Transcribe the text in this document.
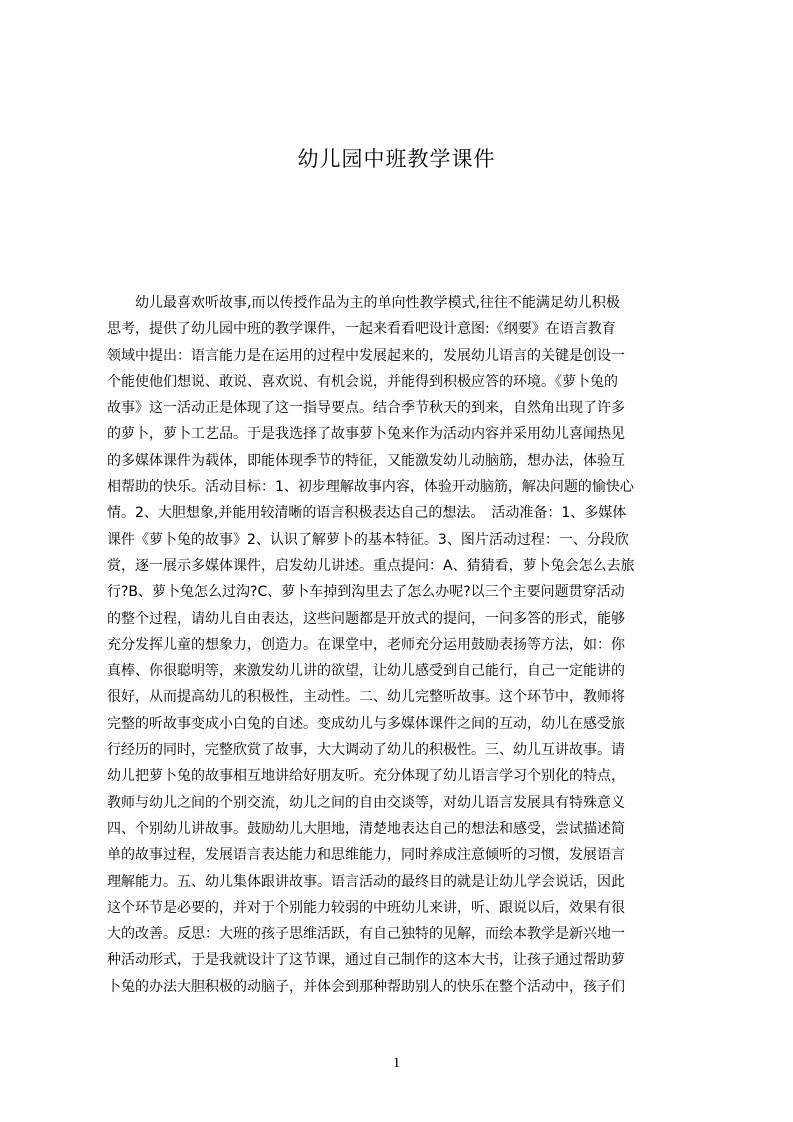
幼儿园中班教学课件
　　幼儿最喜欢听故事,而以传授作品为主的单向性教学模式,往往不能满足幼儿积极
思考，提供了幼儿园中班的教学课件，一起来看看吧设计意图:《纲要》在语言教育
领域中提出：语言能力是在运用的过程中发展起来的，发展幼儿语言的关键是创设一
个能使他们想说、敢说、喜欢说、有机会说，并能得到积极应答的环境。《萝卜兔的
故事》这一活动正是体现了这一指导要点。结合季节秋天的到来，自然角出现了许多
的萝卜，萝卜工艺品。于是我选择了故事萝卜兔来作为活动内容并采用幼儿喜闻热见
的多媒体课件为载体，即能体现季节的特征，又能激发幼儿动脑筋，想办法，体验互
相帮助的快乐。活动目标：1、初步理解故事内容，体验开动脑筋，解决问题的愉快心
情。2、大胆想象,并能用较清晰的语言积极表达自己的想法。　活动准备：1、多媒体
课件《萝卜兔的故事》2、认识了解萝卜的基本特征。3、图片活动过程：一、分段欣
赏，逐一展示多媒体课件，启发幼儿讲述。重点提问：A、猜猜看，萝卜兔会怎么去旅
行?B、萝卜兔怎么过沟?C、萝卜车掉到沟里去了怎么办呢?以三个主要问题贯穿活动
的整个过程，请幼儿自由表达，这些问题都是开放式的提问，一问多答的形式，能够
充分发挥儿童的想象力，创造力。在课堂中，老师充分运用鼓励表扬等方法，如：你
真棒、你很聪明等，来激发幼儿讲的欲望，让幼儿感受到自己能行，自己一定能讲的
很好，从而提高幼儿的积极性，主动性。二、幼儿完整听故事。这个环节中，教师将
完整的听故事变成小白兔的自述。变成幼儿与多媒体课件之间的互动，幼儿在感受旅
行经历的同时，完整欣赏了故事，大大调动了幼儿的积极性。三、幼儿互讲故事。请
幼儿把萝卜兔的故事相互地讲给好朋友听。充分体现了幼儿语言学习个别化的特点，
教师与幼儿之间的个别交流，幼儿之间的自由交谈等，对幼儿语言发展具有特殊意义
四、个别幼儿讲故事。鼓励幼儿大胆地，清楚地表达自己的想法和感受，尝试描述简
单的故事过程，发展语言表达能力和思维能力，同时养成注意倾听的习惯，发展语言
理解能力。五、幼儿集体跟讲故事。语言活动的最终目的就是让幼儿学会说话，因此
这个环节是必要的，并对于个别能力较弱的中班幼儿来讲，听、跟说以后，效果有很
大的改善。反思：大班的孩子思维活跃，有自己独特的见解，而绘本教学是新兴地一
种活动形式，于是我就设计了这节课，通过自己制作的这本大书，让孩子通过帮助萝
卜兔的办法大胆积极的动脑子，并体会到那种帮助别人的快乐在整个活动中，孩子们
1
